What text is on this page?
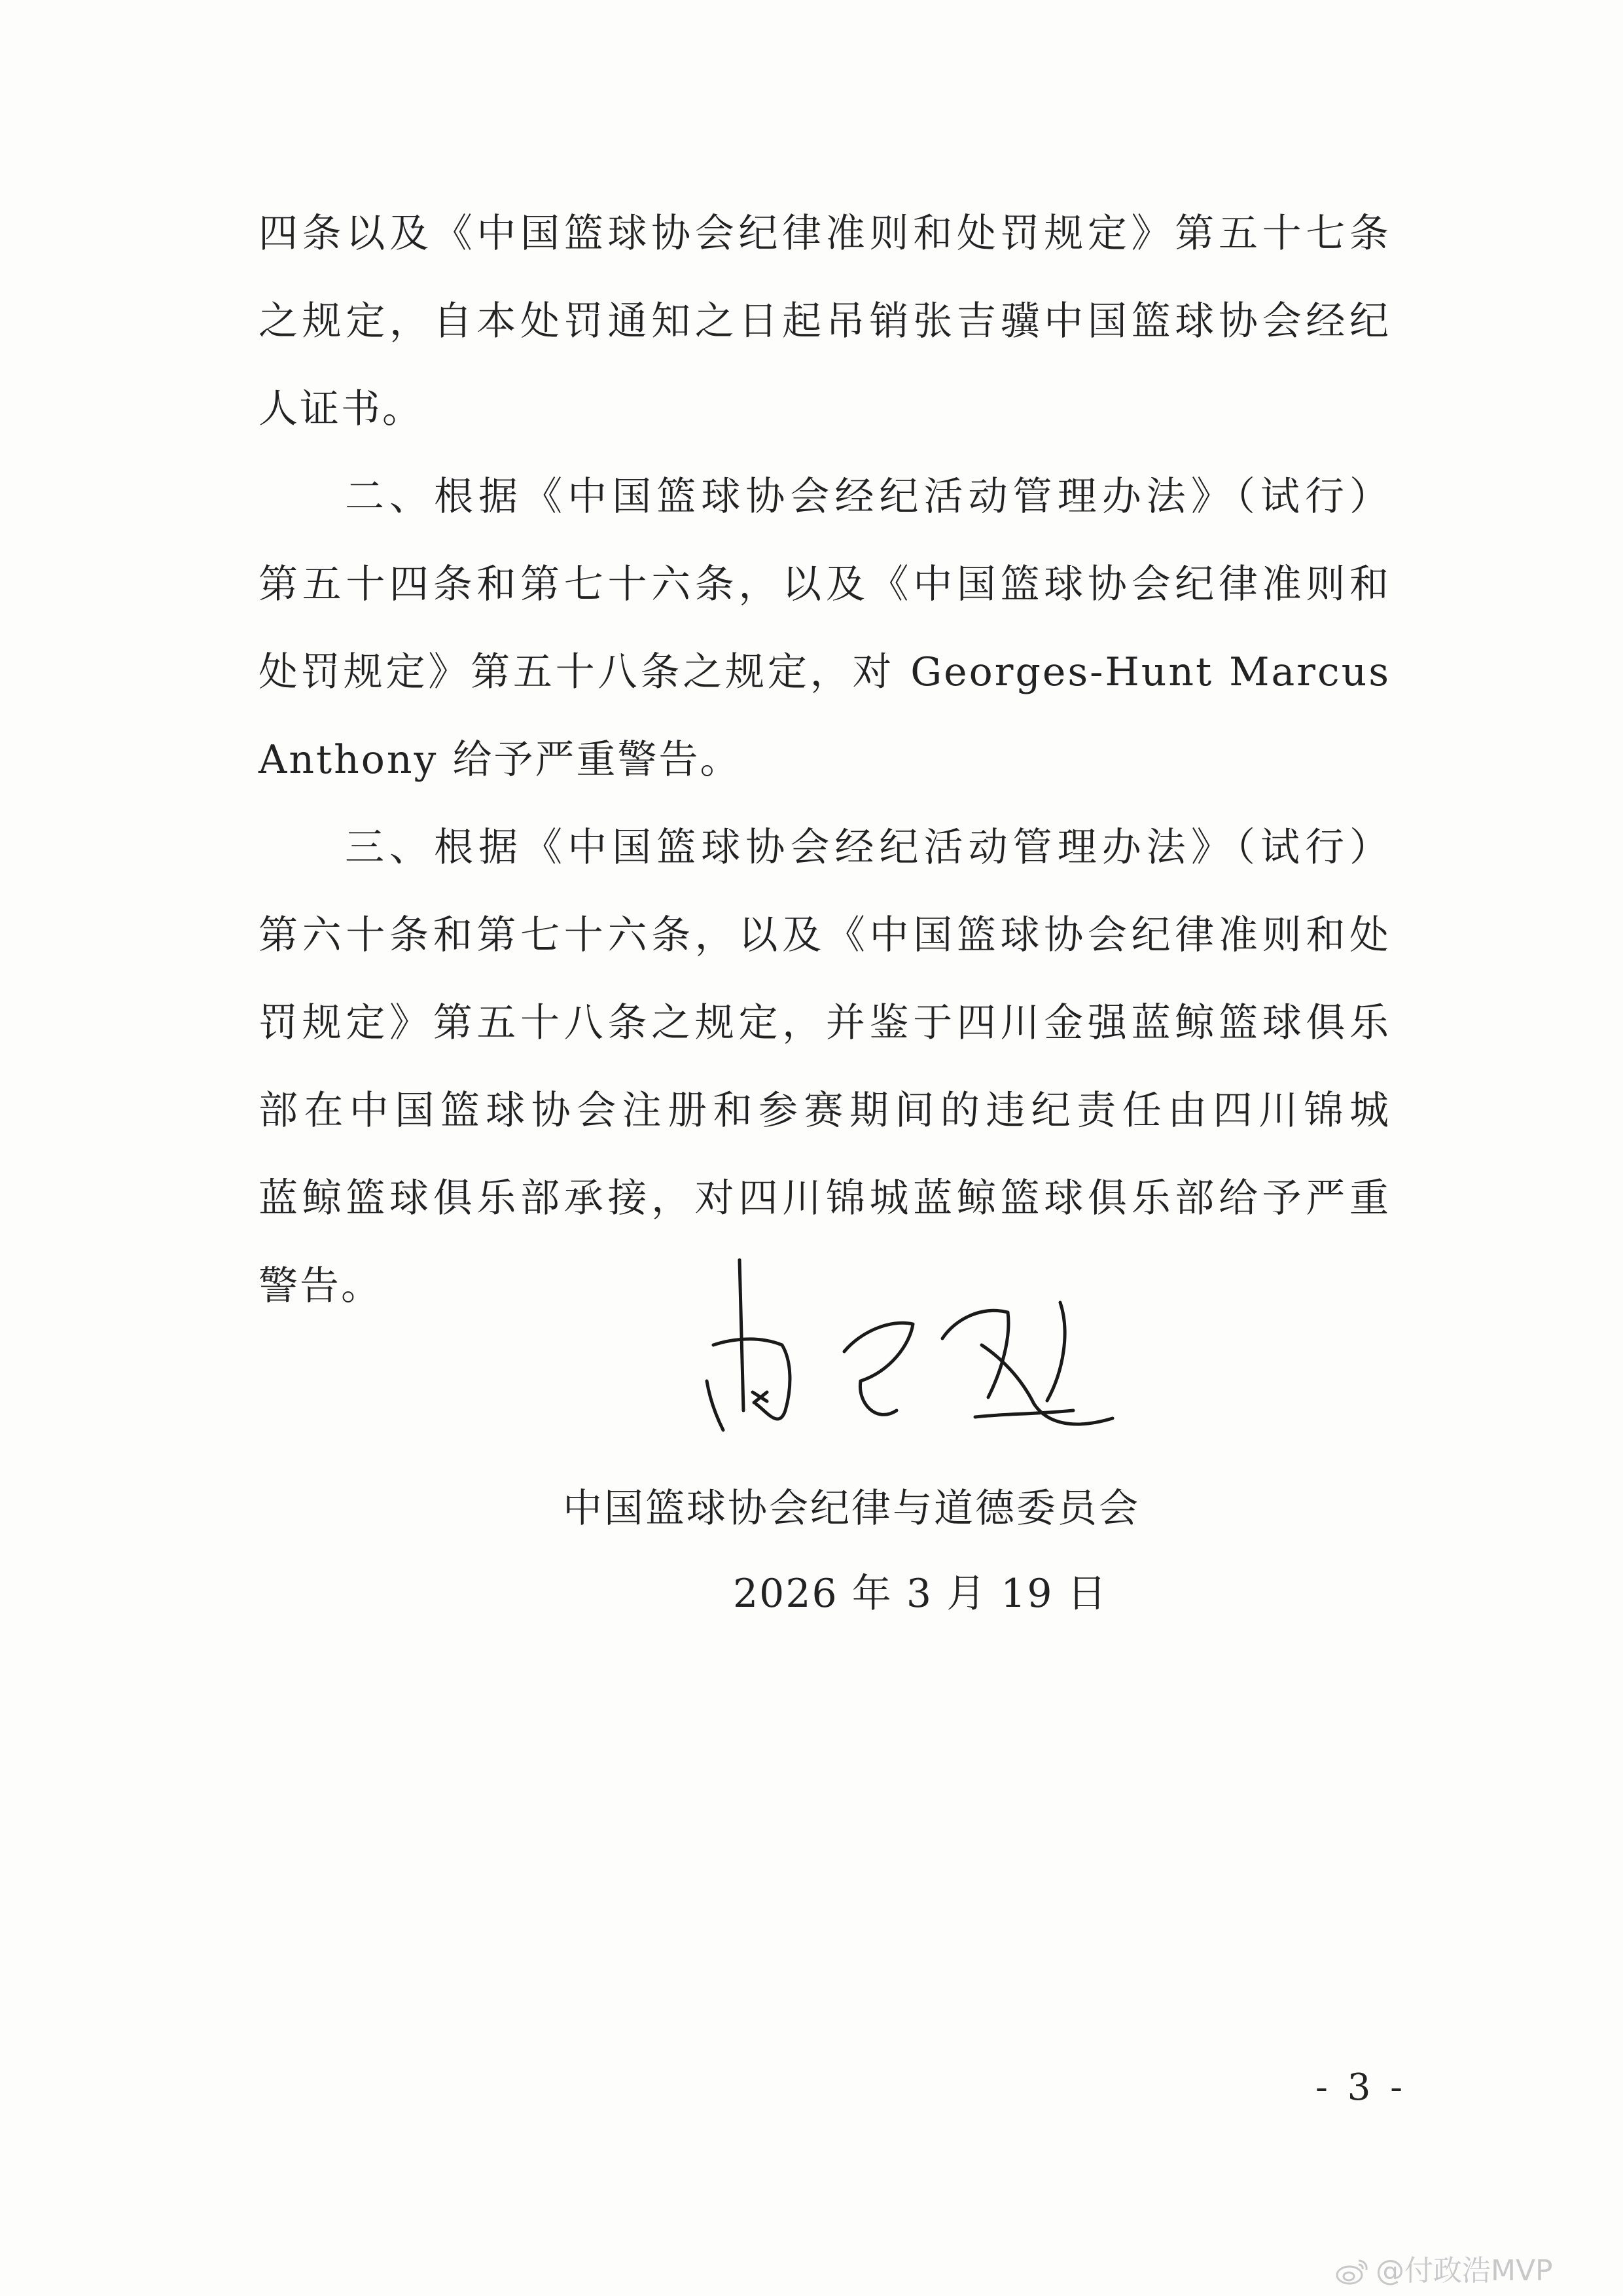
四条以及《中国篮球协会纪律准则和处罚规定》第五十七条
之规定，自本处罚通知之日起吊销张吉骥中国篮球协会经纪
人证书。
二、根据《中国篮球协会经纪活动管理办法》（试行）
第五十四条和第七十六条，以及《中国篮球协会纪律准则和
处罚规定》第五十八条之规定，对 Georges-Hunt Marcus
Anthony 给予严重警告。
三、根据《中国篮球协会经纪活动管理办法》（试行）
第六十条和第七十六条，以及《中国篮球协会纪律准则和处
罚规定》第五十八条之规定，并鉴于四川金强蓝鲸篮球俱乐
部在中国篮球协会注册和参赛期间的违纪责任由四川锦城
蓝鲸篮球俱乐部承接，对四川锦城蓝鲸篮球俱乐部给予严重
警告。
中国篮球协会纪律与道德委员会
2026 年 3 月 19 日
- 3 -
@付政浩MVP
